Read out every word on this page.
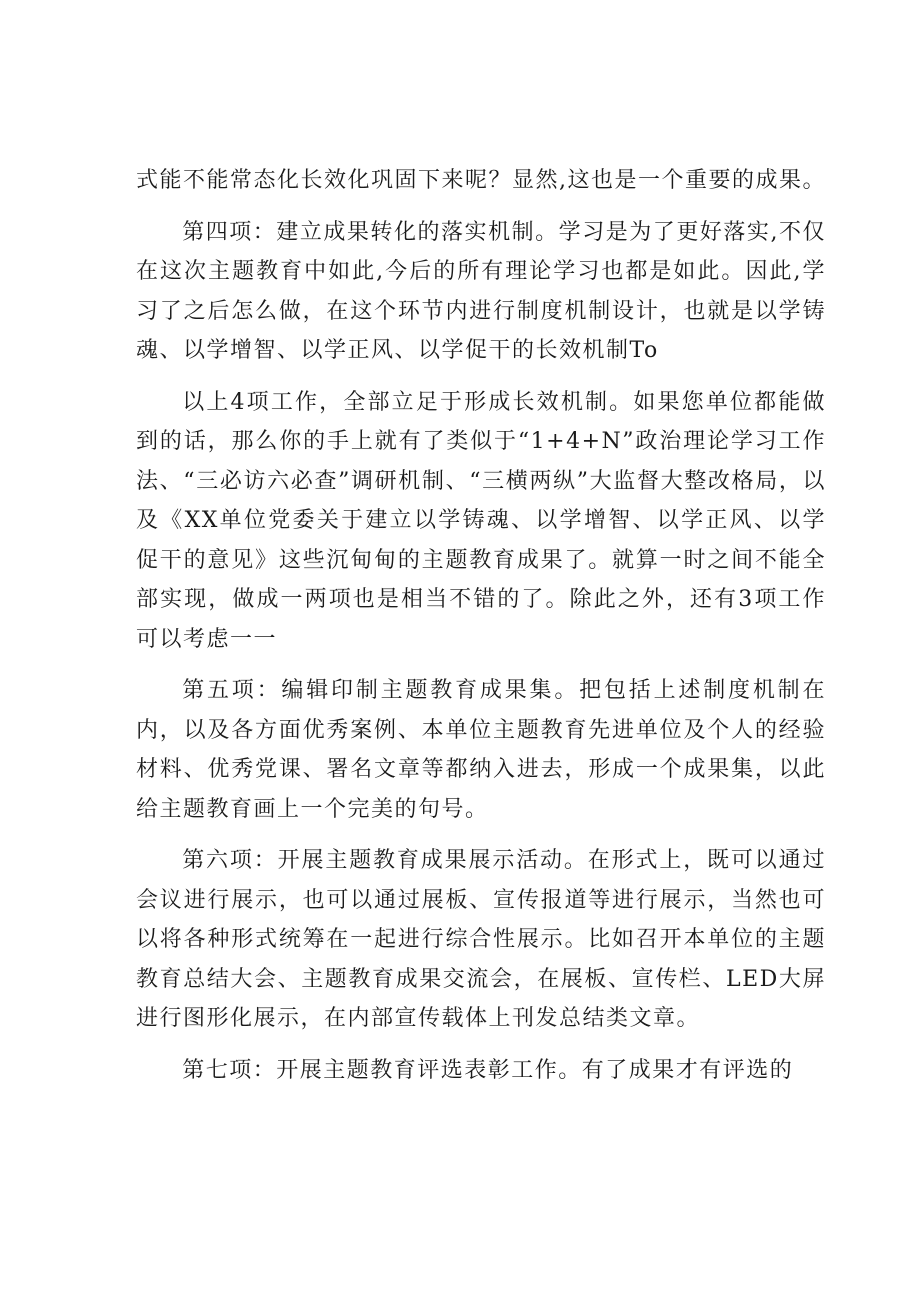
式能不能常态化长效化巩固下来呢？显然,这也是一个重要的成果。

第四项：建立成果转化的落实机制。学习是为了更好落实,不仅在这次主题教育中如此,今后的所有理论学习也都是如此。因此,学习了之后怎么做，在这个环节内进行制度机制设计，也就是以学铸魂、以学增智、以学正风、以学促干的长效机制To

以上4项工作，全部立足于形成长效机制。如果您单位都能做到的话，那么你的手上就有了类似于“1+4+N”政治理论学习工作法、“三必访六必查”调研机制、“三横两纵”大监督大整改格局，以及《XX单位党委关于建立以学铸魂、以学增智、以学正风、以学促干的意见》这些沉甸甸的主题教育成果了。就算一时之间不能全部实现，做成一两项也是相当不错的了。除此之外，还有3项工作可以考虑一一

第五项：编辑印制主题教育成果集。把包括上述制度机制在内，以及各方面优秀案例、本单位主题教育先进单位及个人的经验材料、优秀党课、署名文章等都纳入进去，形成一个成果集，以此给主题教育画上一个完美的句号。

第六项：开展主题教育成果展示活动。在形式上，既可以通过会议进行展示，也可以通过展板、宣传报道等进行展示，当然也可以将各种形式统筹在一起进行综合性展示。比如召开本单位的主题教育总结大会、主题教育成果交流会，在展板、宣传栏、LED大屏进行图形化展示，在内部宣传载体上刊发总结类文章。

第七项：开展主题教育评选表彰工作。有了成果才有评选的
